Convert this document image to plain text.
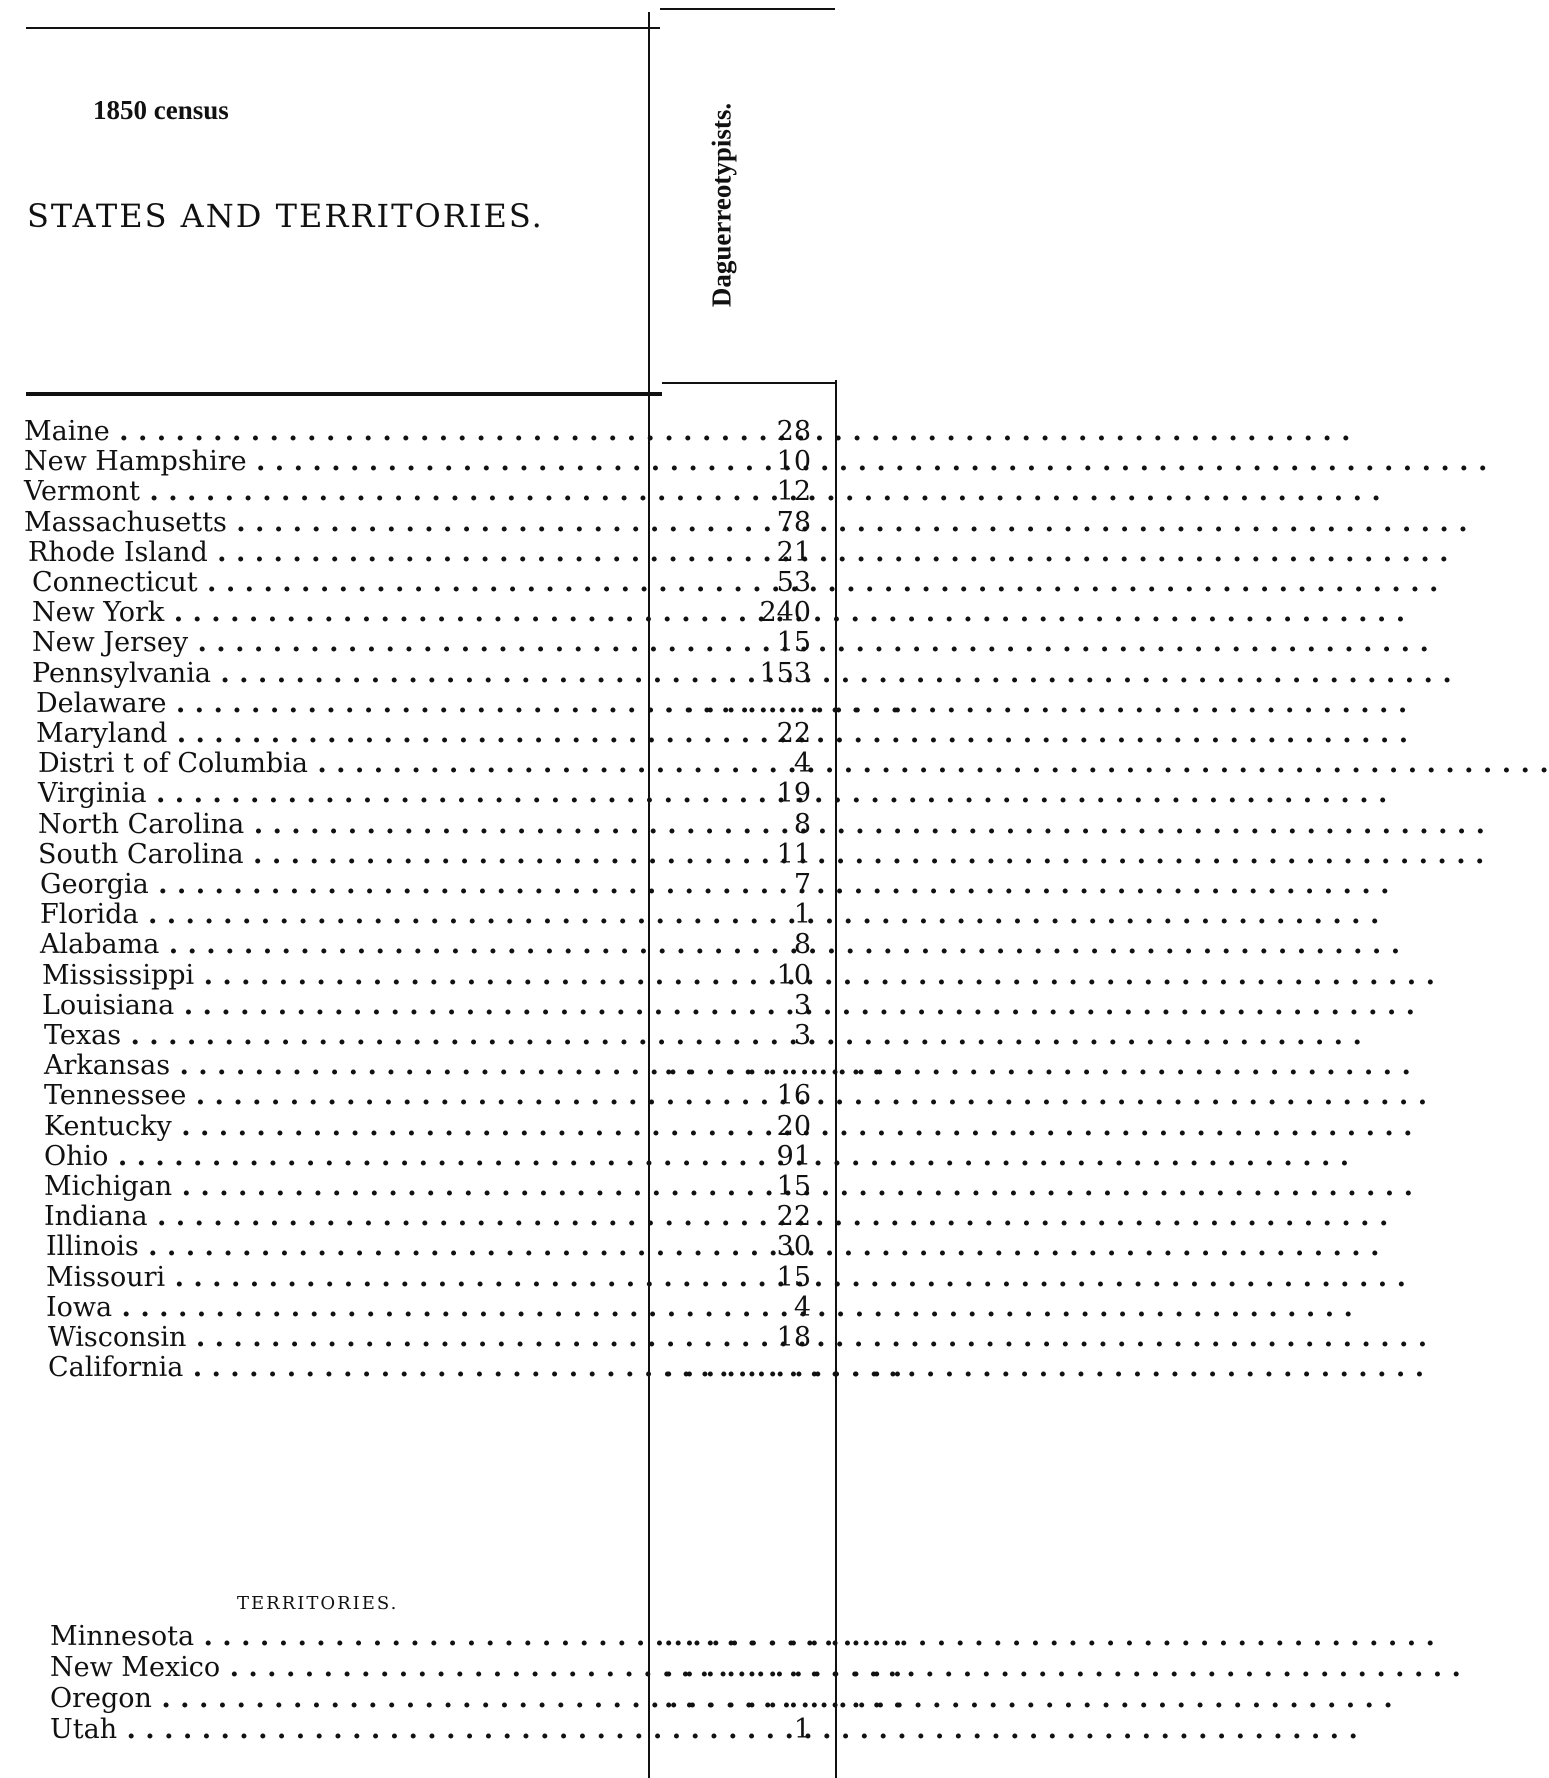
1850 census
STATES AND TERRITORIES.	Daguerreotypists.
Maine . . .	28
New Hampshire . . .	10
Vermont . . .	12
Massachusetts . . .	78
Rhode Island . . .	21
Connecticut . . .	53
New York . . .	240
New Jersey . . .	15
Pennsylvania . . .	153
Delaware . . .	. . . . . . . . . . . .
Maryland . . .	22
Distri t of Columbia . . .	4
Virginia . . .	19
North Carolina . . .	8
South Carolina . . .	11
Georgia . . .	7
Florida . . .	1
Alabama . . .	8
Mississippi . . .	10
Louisiana . . .	3
Texas . . .	3
Arkansas . . .	. . . . . . . . . . . .
Tennessee . . .	16
Kentucky . . .	20
Ohio . . .	91
Michigan . . .	15
Indiana . . .	22
Illinois . . .	30
Missouri . . .	15
Iowa . . .	4
Wisconsin . . .	18
California . . .	. . . . . . . . . . . .
Minnesota . . .	. . . . . . . . . . . .
New Mexico . . .	. . . . . . . . . . . .
Oregon . . .	. . . . . . . . . . . .
Utah . . .	1
TERRITORIES.
